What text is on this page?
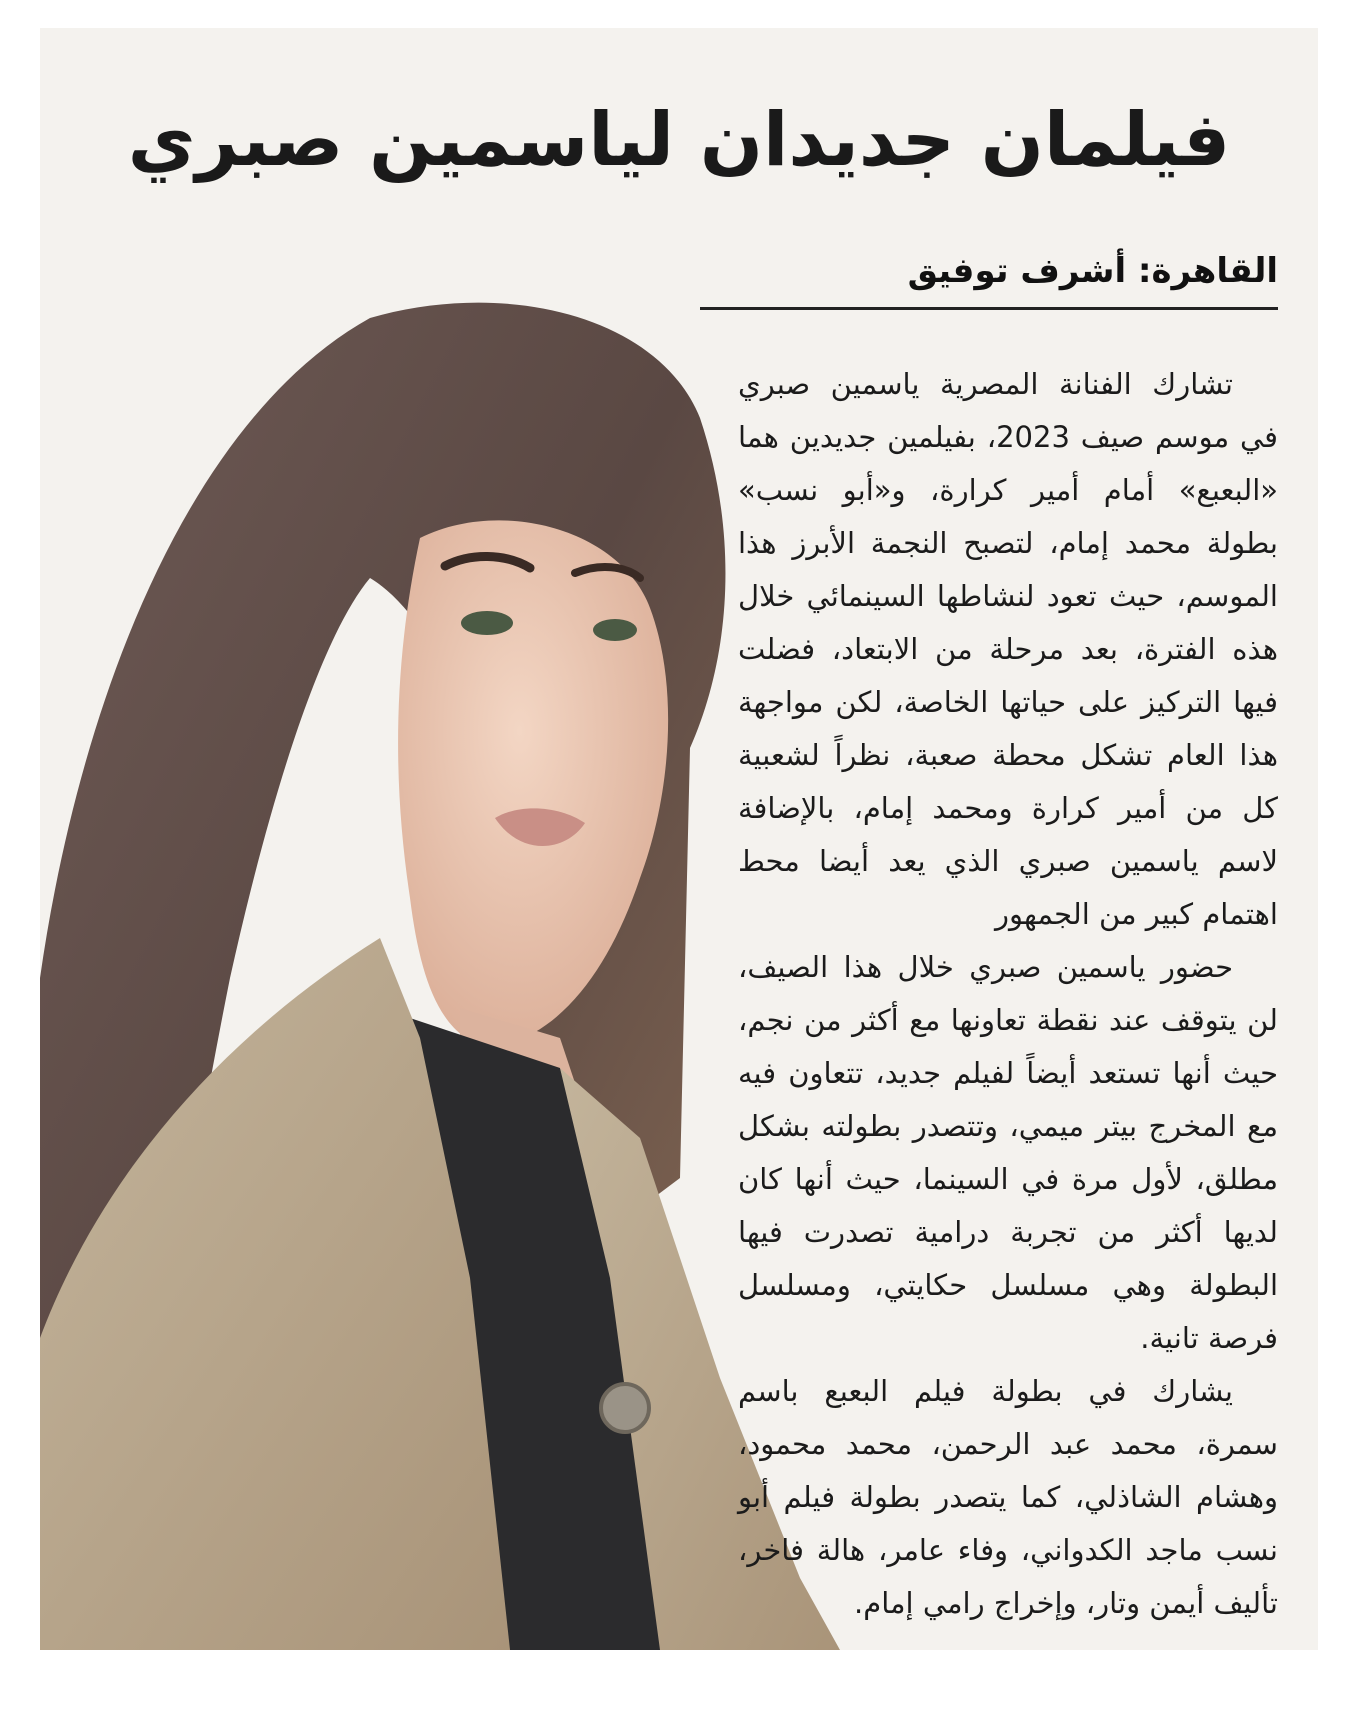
فيلمان جديدان لياسمين صبري
القاهرة: أشرف توفيق

تشارك الفنانة المصرية ياسمين صبري في موسم صيف 2023، بفيلمين جديدين هما «البعبع» أمام أمير كرارة، و«أبو نسب» بطولة محمد إمام، لتصبح النجمة الأبرز هذا الموسم، حيث تعود لنشاطها السينمائي خلال هذه الفترة، بعد مرحلة من الابتعاد، فضلت فيها التركيز على حياتها الخاصة، لكن مواجهة هذا العام تشكل محطة صعبة، نظراً لشعبية كل من أمير كرارة ومحمد إمام، بالإضافة لاسم ياسمين صبري الذي يعد أيضا محط اهتمام كبير من الجمهور

حضور ياسمين صبري خلال هذا الصيف، لن يتوقف عند نقطة تعاونها مع أكثر من نجم، حيث أنها تستعد أيضاً لفيلم جديد، تتعاون فيه مع المخرج بيتر ميمي، وتتصدر بطولته بشكل مطلق، لأول مرة في السينما، حيث أنها كان لديها أكثر من تجربة درامية تصدرت فيها البطولة وهي مسلسل حكايتي، ومسلسل فرصة تانية.

يشارك في بطولة فيلم البعبع باسم سمرة، محمد عبد الرحمن، محمد محمود، وهشام الشاذلي، كما يتصدر بطولة فيلم أبو نسب ماجد الكدواني، وفاء عامر، هالة فاخر، تأليف أيمن وتار، وإخراج رامي إمام.
